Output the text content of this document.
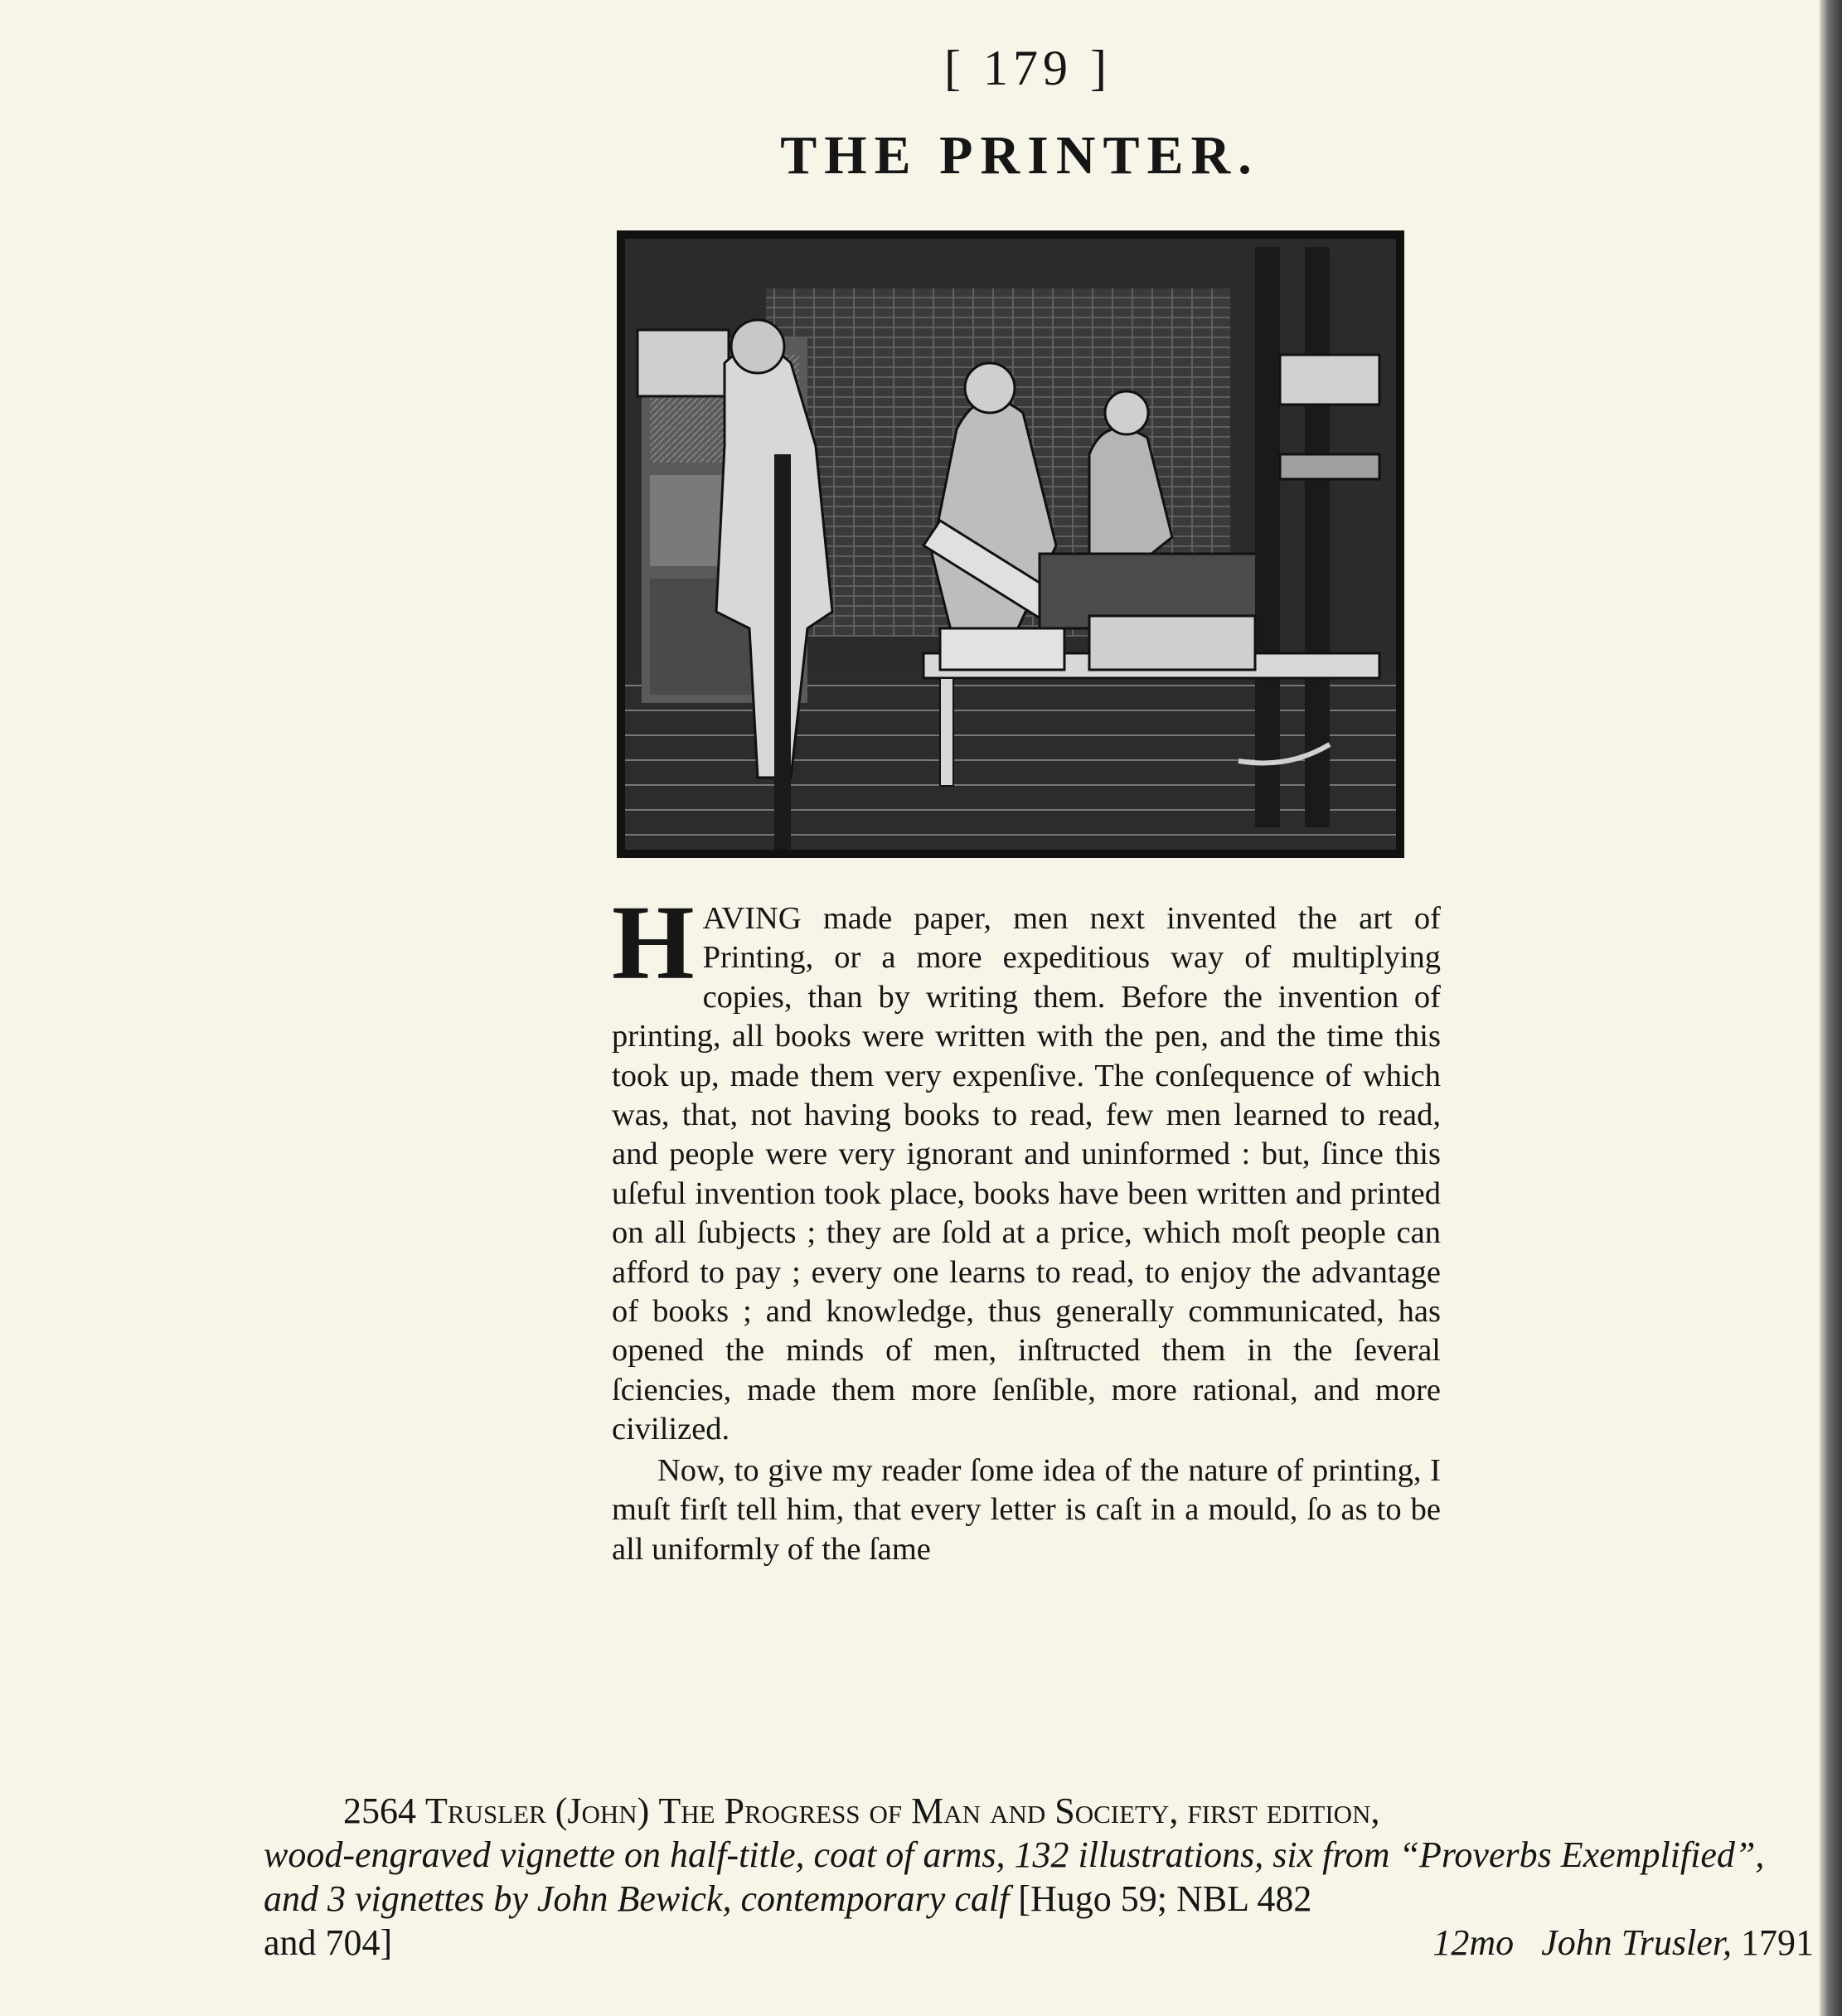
[ 179 ]
THE PRINTER.

HAVING made paper, men next invented the art of Printing, or a more expeditious way of multiplying copies, than by writing them. Before the invention of printing, all books were written with the pen, and the time this took up, made them very expenſive. The conſequence of which was, that, not having books to read, few men learned to read, and people were very ignorant and uninformed : but, ſince this uſeful invention took place, books have been written and printed on all ſubjects ; they are ſold at a price, which moſt people can afford to pay ; every one learns to read, to enjoy the advantage of books ; and knowledge, thus generally communicated, has opened the minds of men, inſtructed them in the ſeveral ſciencies, made them more ſenſible, more rational, and more civilized.

Now, to give my reader ſome idea of the nature of printing, I muſt firſt tell him, that every letter is caſt in a mould, ſo as to be all uniformly of the ſame

2564 Trusler (John) The Progress of Man and Society, first edition,
wood-engraved vignette on half-title, coat of arms, 132 illustrations, six from “Proverbs Exemplified”, and 3 vignettes by John Bewick, contemporary calf [Hugo 59; NBL 482
and 704]	12mo John Trusler, 1791
